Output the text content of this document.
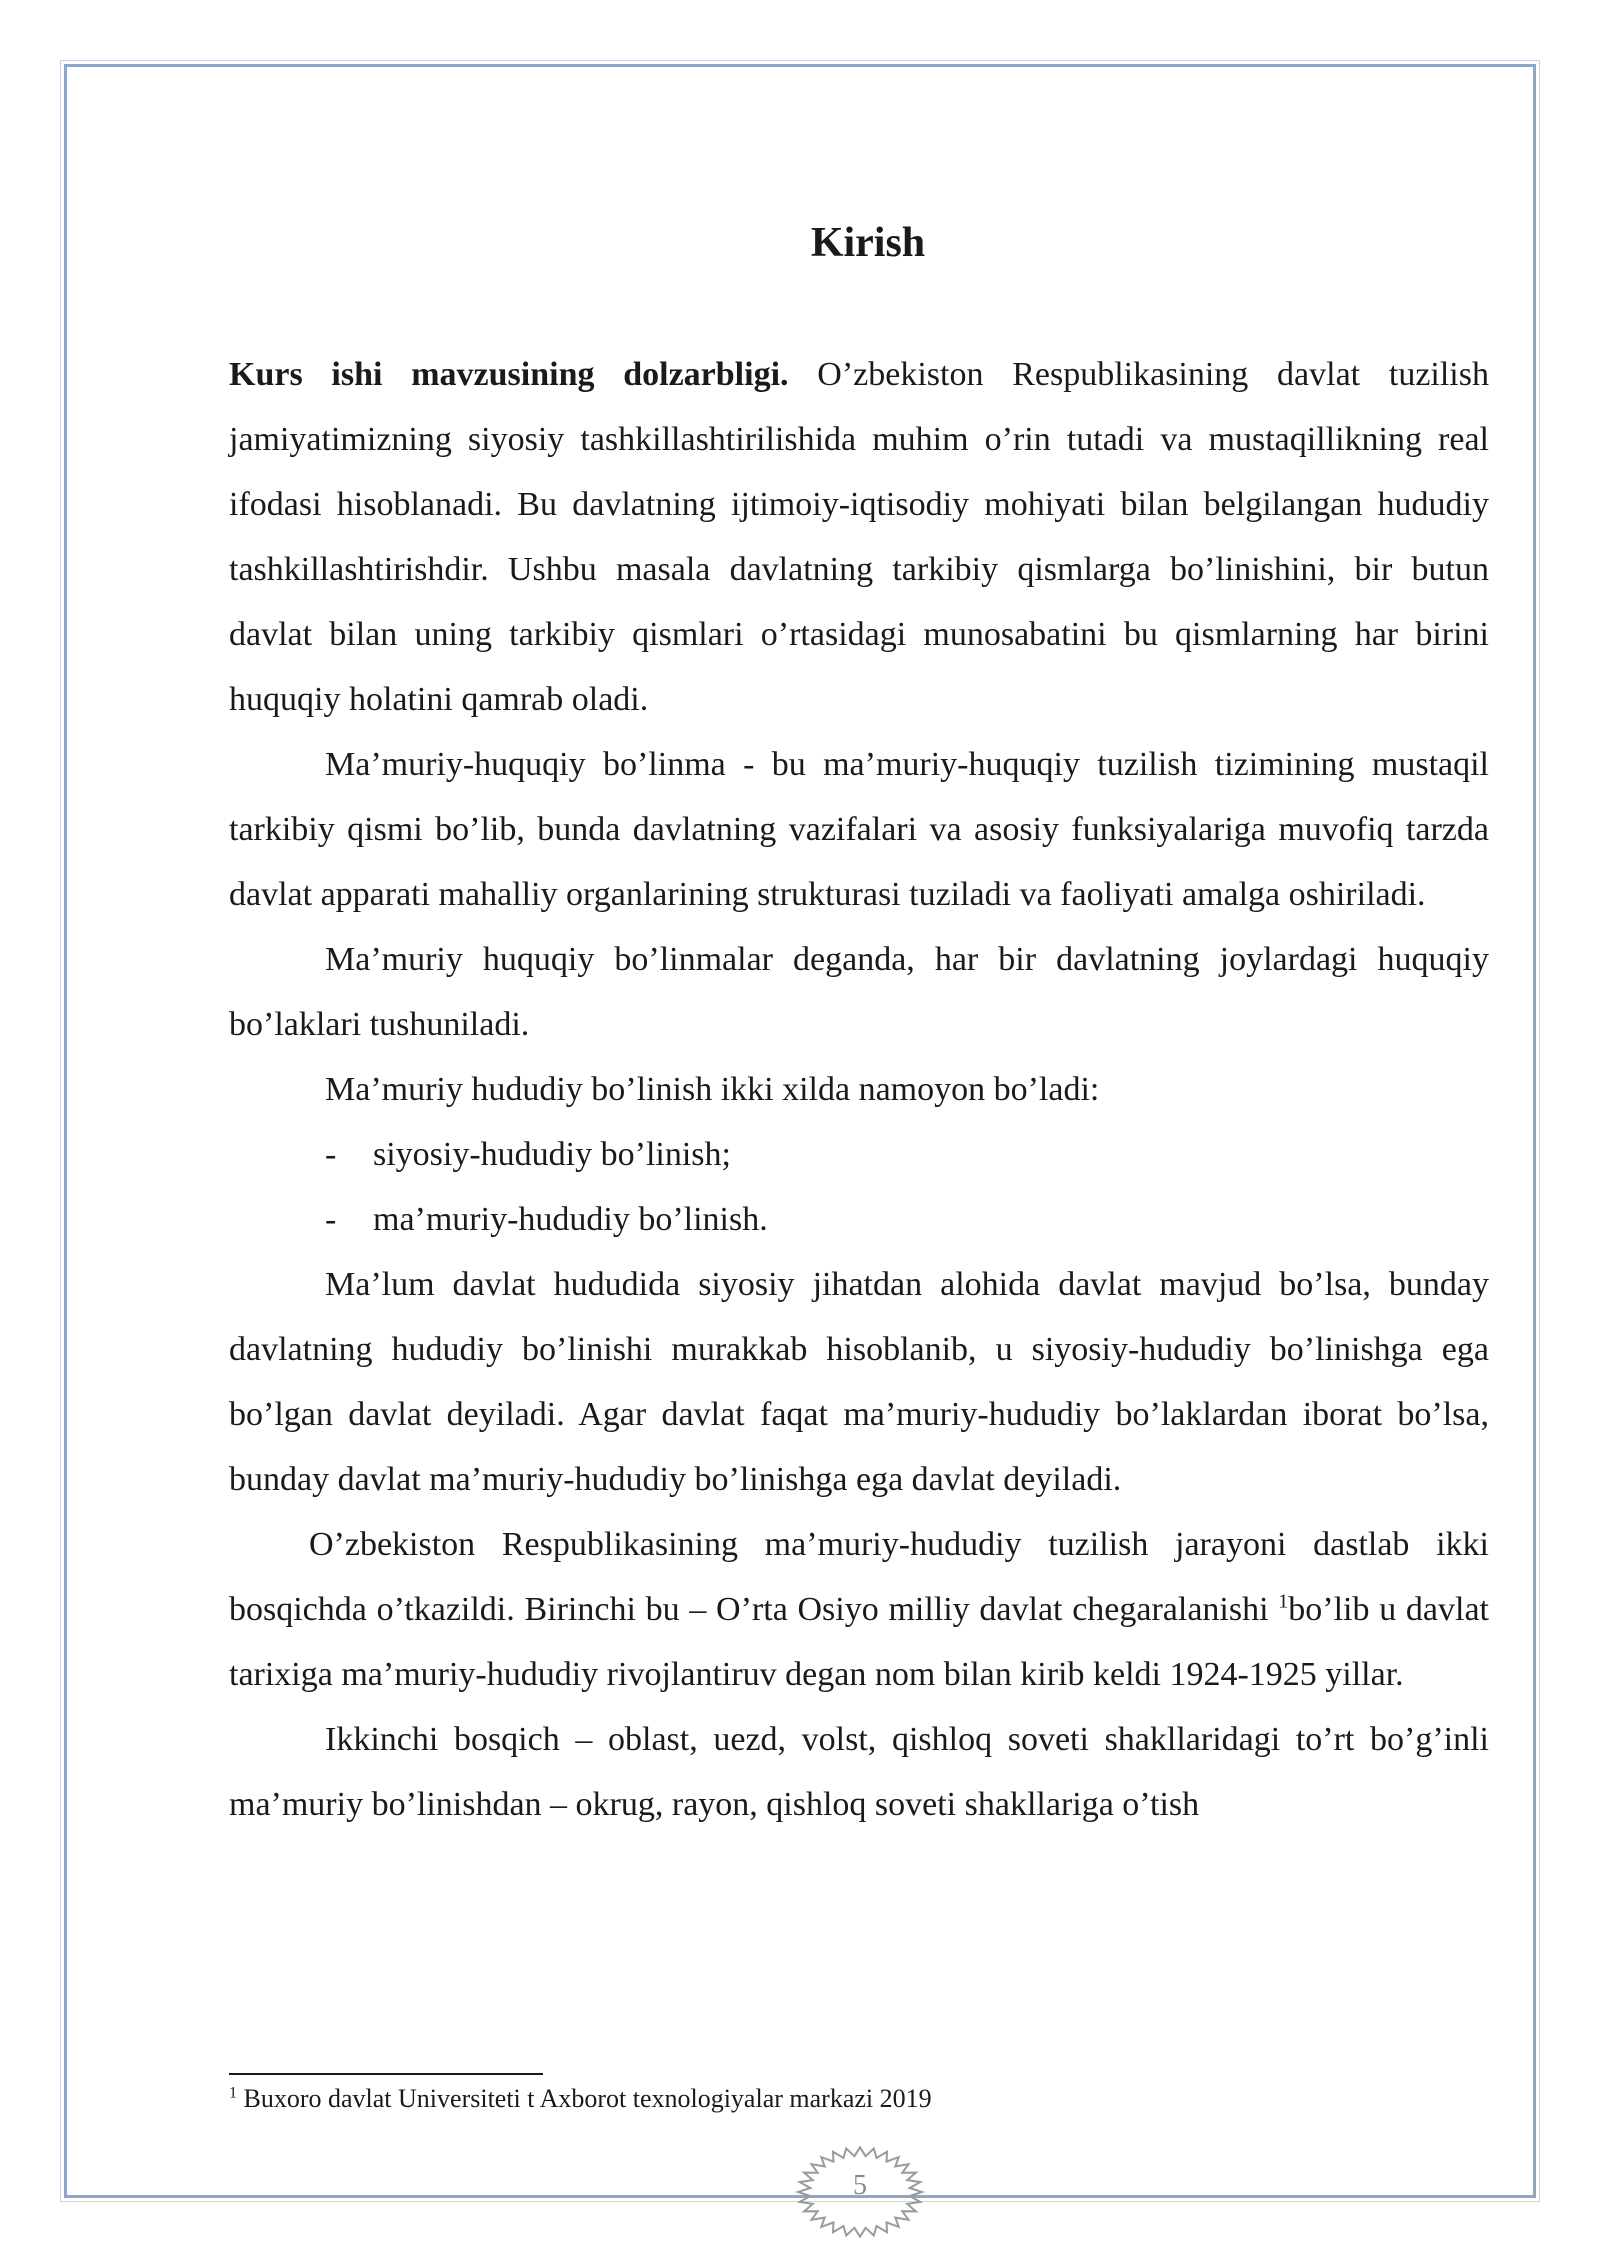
Kirish

Kurs ishi mavzusining dolzarbligi. O’zbekiston Respublikasining davlat tuzilish jamiyatimizning siyosiy tashkillashtirilishida muhim o’rin tutadi va mustaqillikning real ifodasi hisoblanadi. Bu davlatning ijtimoiy-iqtisodiy mohiyati bilan belgilangan hududiy tashkillashtirishdir. Ushbu masala davlatning tarkibiy qismlarga bo’linishini, bir butun davlat bilan uning tarkibiy qismlari o’rtasidagi munosabatini bu qismlarning har birini huquqiy holatini qamrab oladi.

Ma’muriy-huquqiy bo’linma - bu ma’muriy-huquqiy tuzilish tizimining mustaqil tarkibiy qismi bo’lib, bunda davlatning vazifalari va asosiy funksiyalariga muvofiq tarzda davlat apparati mahalliy organlarining strukturasi tuziladi va faoliyati amalga oshiriladi.

Ma’muriy huquqiy bo’linmalar deganda, har bir davlatning joylardagi huquqiy bo’laklari tushuniladi.

Ma’muriy hududiy bo’linish ikki xilda namoyon bo’ladi:

- siyosiy-hududiy bo’linish;

- ma’muriy-hududiy bo’linish.

Ma’lum davlat hududida siyosiy jihatdan alohida davlat mavjud bo’lsa, bunday davlatning hududiy bo’linishi murakkab hisoblanib, u siyosiy-hududiy bo’linishga ega bo’lgan davlat deyiladi. Agar davlat faqat ma’muriy-hududiy bo’laklardan iborat bo’lsa, bunday davlat ma’muriy-hududiy bo’linishga ega davlat deyiladi.

O’zbekiston Respublikasining ma’muriy-hududiy tuzilish jarayoni dastlab ikki bosqichda o’tkazildi. Birinchi bu – O’rta Osiyo milliy davlat chegaralanishi $^1$bo’lib u davlat tarixiga ma’muriy-hududiy rivojlantiruv degan nom bilan kirib keldi 1924-1925 yillar.

Ikkinchi bosqich – oblast, uezd, volst, qishloq soveti shakllaridagi to’rt bo’g’inli ma’muriy bo’linishdan – okrug, rayon, qishloq soveti shakllariga o’tish

$^1$ Buxoro davlat Universiteti t Axborot texnologiyalar markazi 2019
5
